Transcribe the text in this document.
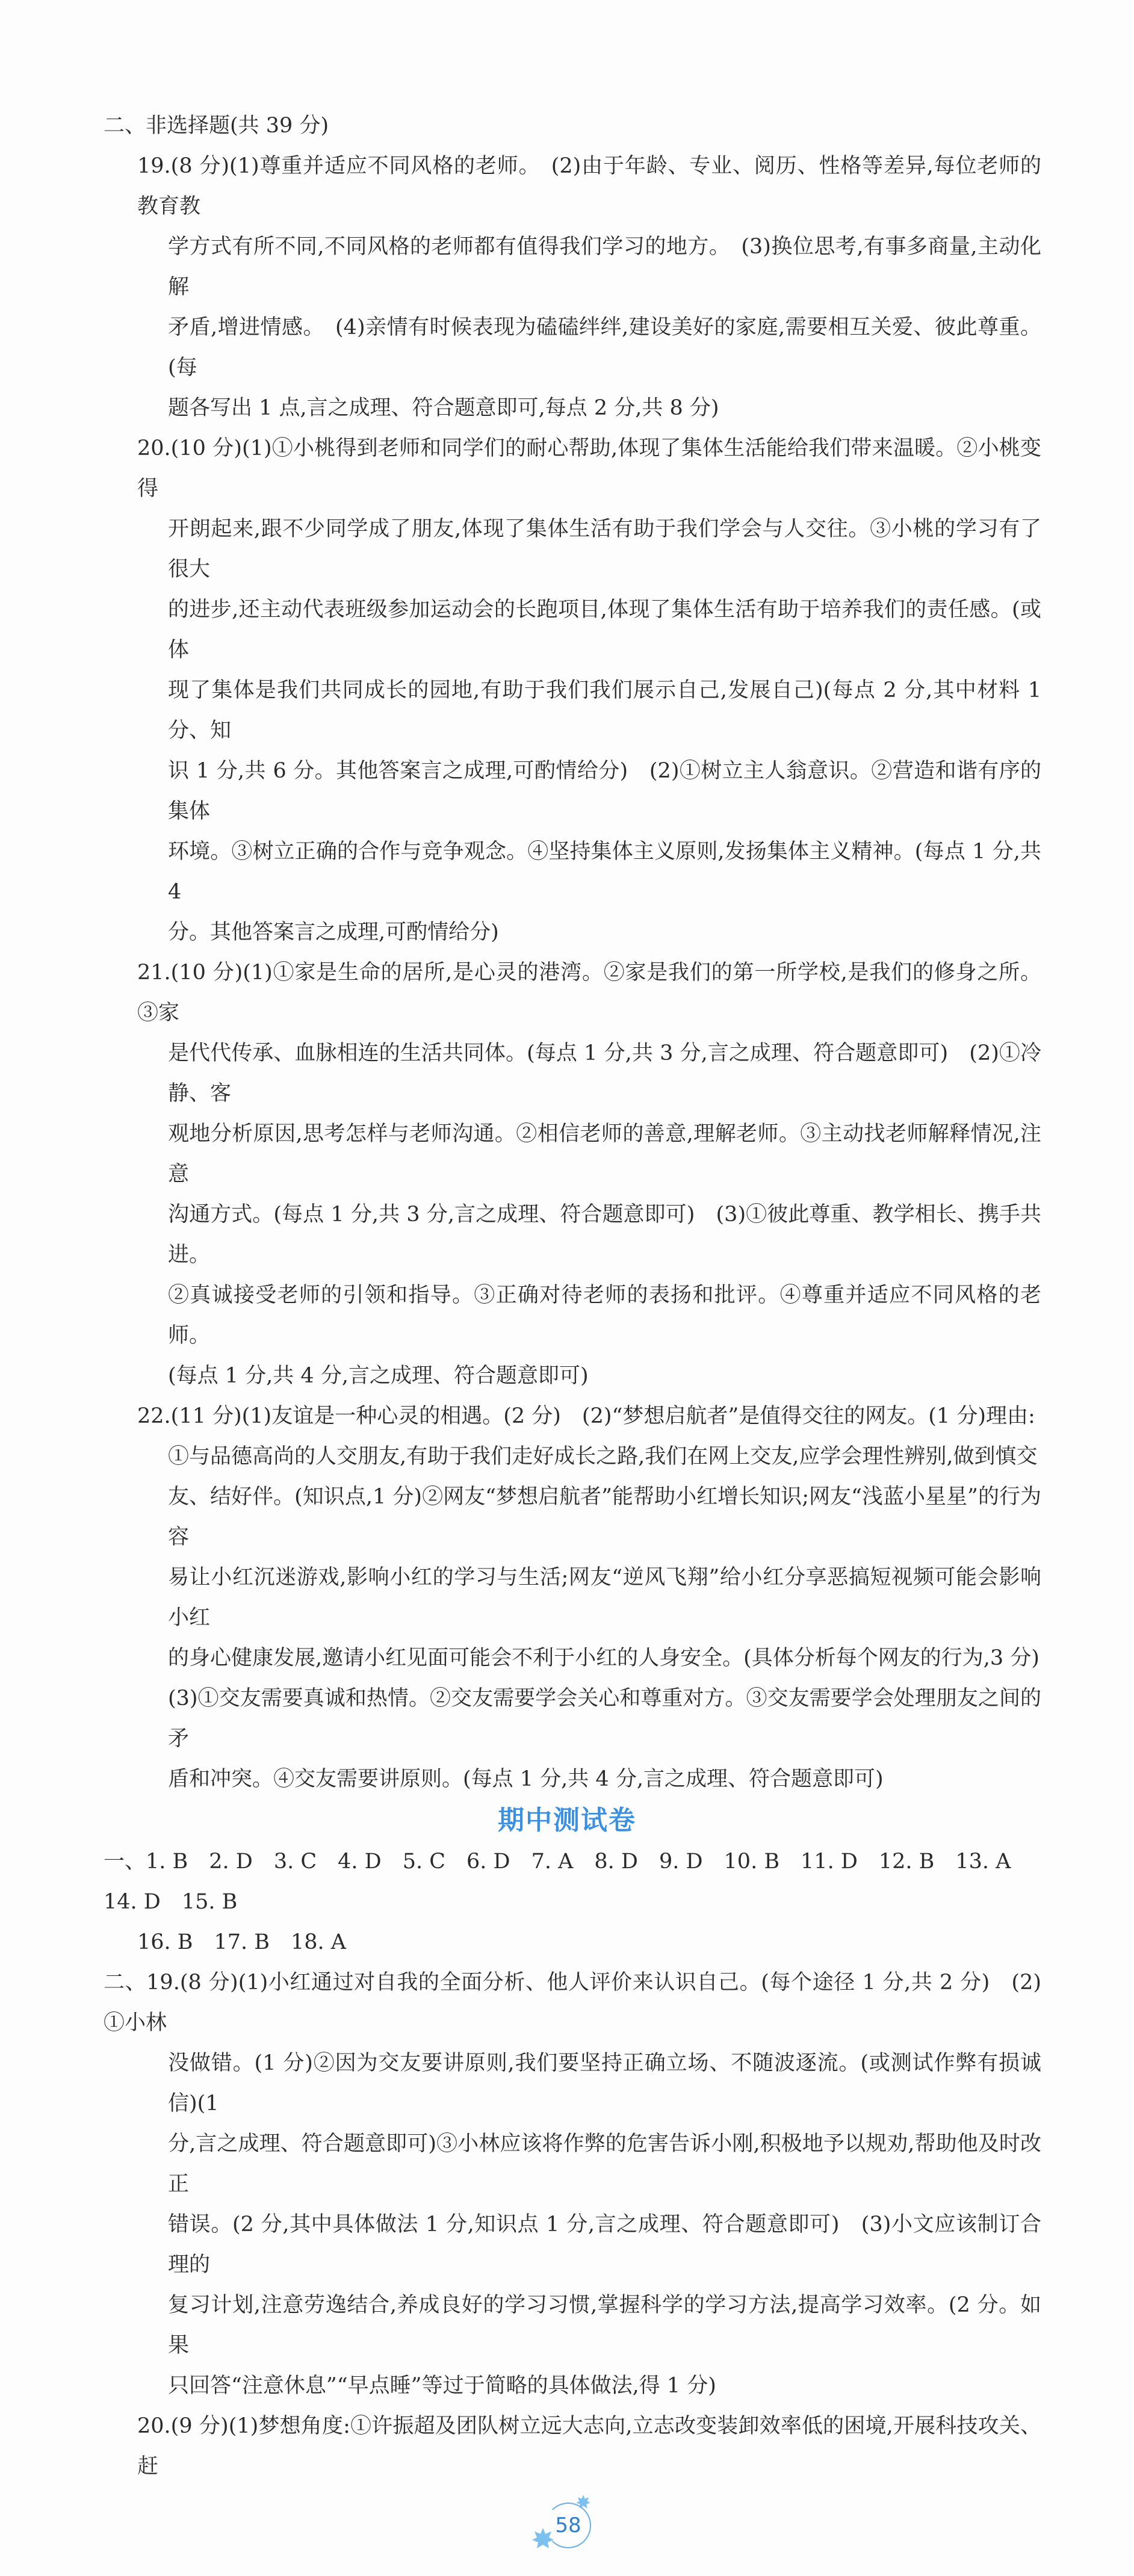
二、非选择题(共 39 分)
19.(8 分)(1)尊重并适应不同风格的老师。　(2)由于年龄、专业、阅历、性格等差异,每位老师的教育教
学方式有所不同,不同风格的老师都有值得我们学习的地方。　(3)换位思考,有事多商量,主动化解
矛盾,增进情感。　(4)亲情有时候表现为磕磕绊绊,建设美好的家庭,需要相互关爱、彼此尊重。(每
题各写出 1 点,言之成理、符合题意即可,每点 2 分,共 8 分)
20.(10 分)(1)①小桃得到老师和同学们的耐心帮助,体现了集体生活能给我们带来温暖。②小桃变得
开朗起来,跟不少同学成了朋友,体现了集体生活有助于我们学会与人交往。③小桃的学习有了很大
的进步,还主动代表班级参加运动会的长跑项目,体现了集体生活有助于培养我们的责任感。(或体
现了集体是我们共同成长的园地,有助于我们我们展示自己,发展自己)(每点 2 分,其中材料 1 分、知
识 1 分,共 6 分。其他答案言之成理,可酌情给分)　(2)①树立主人翁意识。②营造和谐有序的集体
环境。③树立正确的合作与竞争观念。④坚持集体主义原则,发扬集体主义精神。(每点 1 分,共 4
分。其他答案言之成理,可酌情给分)
21.(10 分)(1)①家是生命的居所,是心灵的港湾。②家是我们的第一所学校,是我们的修身之所。③家
是代代传承、血脉相连的生活共同体。(每点 1 分,共 3 分,言之成理、符合题意即可)　(2)①冷静、客
观地分析原因,思考怎样与老师沟通。②相信老师的善意,理解老师。③主动找老师解释情况,注意
沟通方式。(每点 1 分,共 3 分,言之成理、符合题意即可)　(3)①彼此尊重、教学相长、携手共进。
②真诚接受老师的引领和指导。③正确对待老师的表扬和批评。④尊重并适应不同风格的老师。
(每点 1 分,共 4 分,言之成理、符合题意即可)
22.(11 分)(1)友谊是一种心灵的相遇。(2 分)　(2)“梦想启航者”是值得交往的网友。(1 分)理由:
①与品德高尚的人交朋友,有助于我们走好成长之路,我们在网上交友,应学会理性辨别,做到慎交
友、结好伴。(知识点,1 分)②网友“梦想启航者”能帮助小红增长知识;网友“浅蓝小星星”的行为容
易让小红沉迷游戏,影响小红的学习与生活;网友“逆风飞翔”给小红分享恶搞短视频可能会影响小红
的身心健康发展,邀请小红见面可能会不利于小红的人身安全。(具体分析每个网友的行为,3 分)
(3)①交友需要真诚和热情。②交友需要学会关心和尊重对方。③交友需要学会处理朋友之间的矛
盾和冲突。④交友需要讲原则。(每点 1 分,共 4 分,言之成理、符合题意即可)
期中测试卷
一、1. B　2. D　3. C　4. D　5. C　6. D　7. A　8. D　9. D　10. B　11. D　12. B　13. A　 14. D　15. B
16. B　17. B　18. A
二、19.(8 分)(1)小红通过对自我的全面分析、他人评价来认识自己。(每个途径 1 分,共 2 分)　(2)①小林
没做错。(1 分)②因为交友要讲原则,我们要坚持正确立场、不随波逐流。(或测试作弊有损诚信)(1
分,言之成理、符合题意即可)③小林应该将作弊的危害告诉小刚,积极地予以规劝,帮助他及时改正
错误。(2 分,其中具体做法 1 分,知识点 1 分,言之成理、符合题意即可)　(3)小文应该制订合理的
复习计划,注意劳逸结合,养成良好的学习习惯,掌握科学的学习方法,提高学习效率。(2 分。如果
只回答“注意休息”“早点睡”等过于简略的具体做法,得 1 分)
20.(9 分)(1)梦想角度:①许振超及团队树立远大志向,立志改变装卸效率低的困境,开展科技攻关、赶
58
